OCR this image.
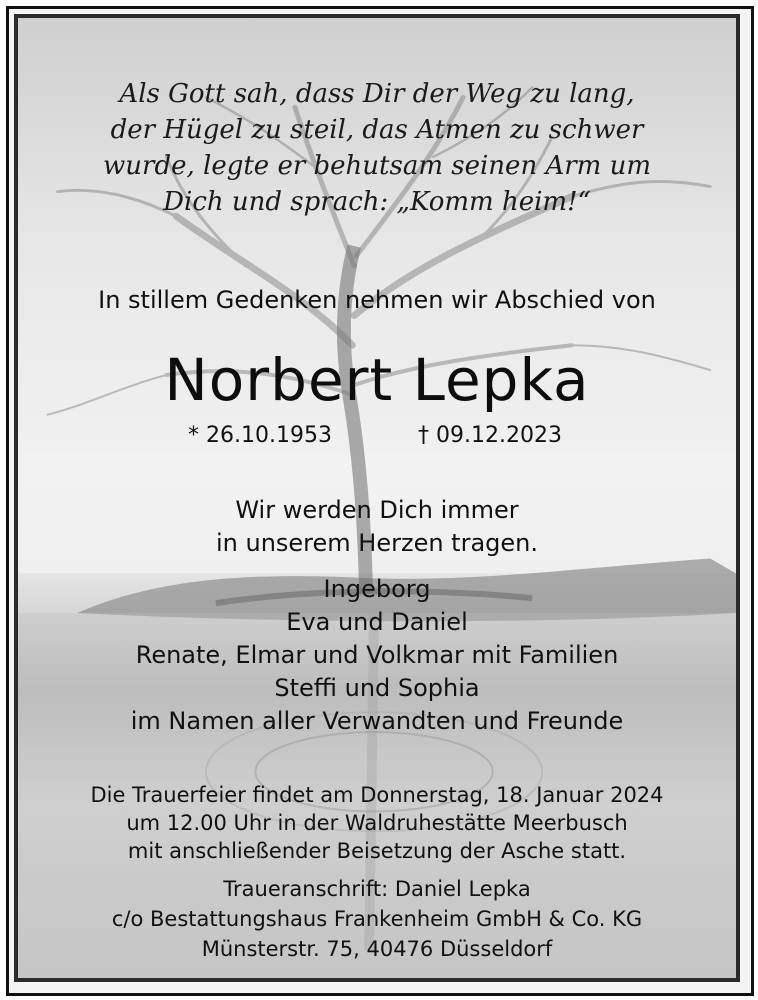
Als Gott sah, dass Dir der Weg zu lang,
der Hügel zu steil, das Atmen zu schwer
wurde, legte er behutsam seinen Arm um
Dich und sprach: „Komm heim!“
In stillem Gedenken nehmen wir Abschied von
Norbert Lepka
* 26.10.1953	† 09.12.2023
Wir werden Dich immer
in unserem Herzen tragen.
Ingeborg
Eva und Daniel
Renate, Elmar und Volkmar mit Familien
Steffi und Sophia
im Namen aller Verwandten und Freunde
Die Trauerfeier findet am Donnerstag, 18. Januar 2024
um 12.00 Uhr in der Waldruhestätte Meerbusch
mit anschließender Beisetzung der Asche statt.
Traueranschrift: Daniel Lepka
c/o Bestattungshaus Frankenheim GmbH & Co. KG
Münsterstr. 75, 40476 Düsseldorf
